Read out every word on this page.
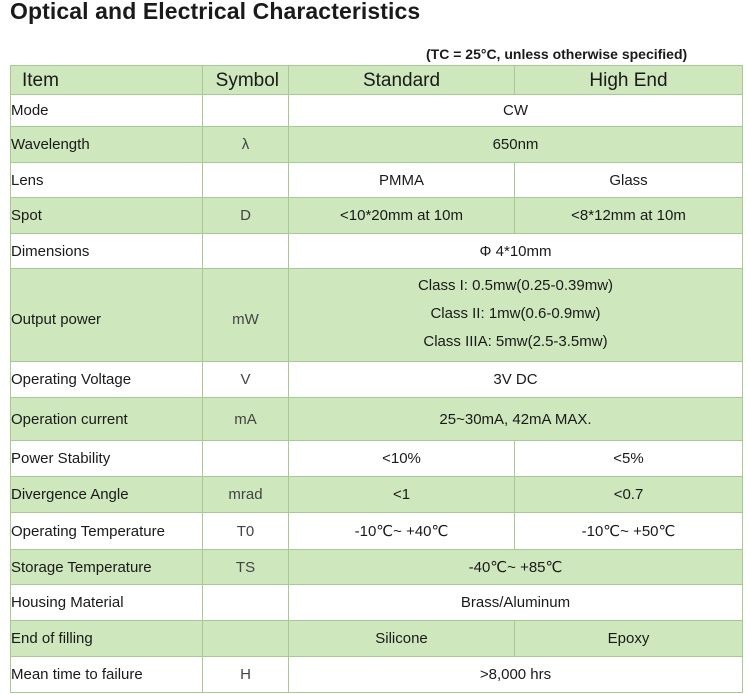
Optical and Electrical Characteristics
(TC = 25°C, unless otherwise specified)
Item	Symbol	Standard	High End
Mode		CW	
Wavelength	λ	650nm	
Lens		PMMA	Glass
Spot	D	<10*20mm at 10m	<8*12mm at 10m
Dimensions		Φ 4*10mm	
Output power	mW	Class I: 0.5mw(0.25-0.39mw)
Class II: 1mw(0.6-0.9mw)
Class IIIA: 5mw(2.5-3.5mw)	

Operating Voltage	V	3V DC	
Operation current	mA	25~30mA, 42mA MAX.	
Power Stability		<10%	<5%
Divergence Angle	mrad	<1	<0.7
Operating Temperature	T0	-10℃~ +40℃	-10℃~ +50℃
Storage Temperature	TS	-40℃~ +85℃	
Housing Material		Brass/Aluminum	
End of filling		Silicone	Epoxy
Mean time to failure	H	>8,000 hrs	
